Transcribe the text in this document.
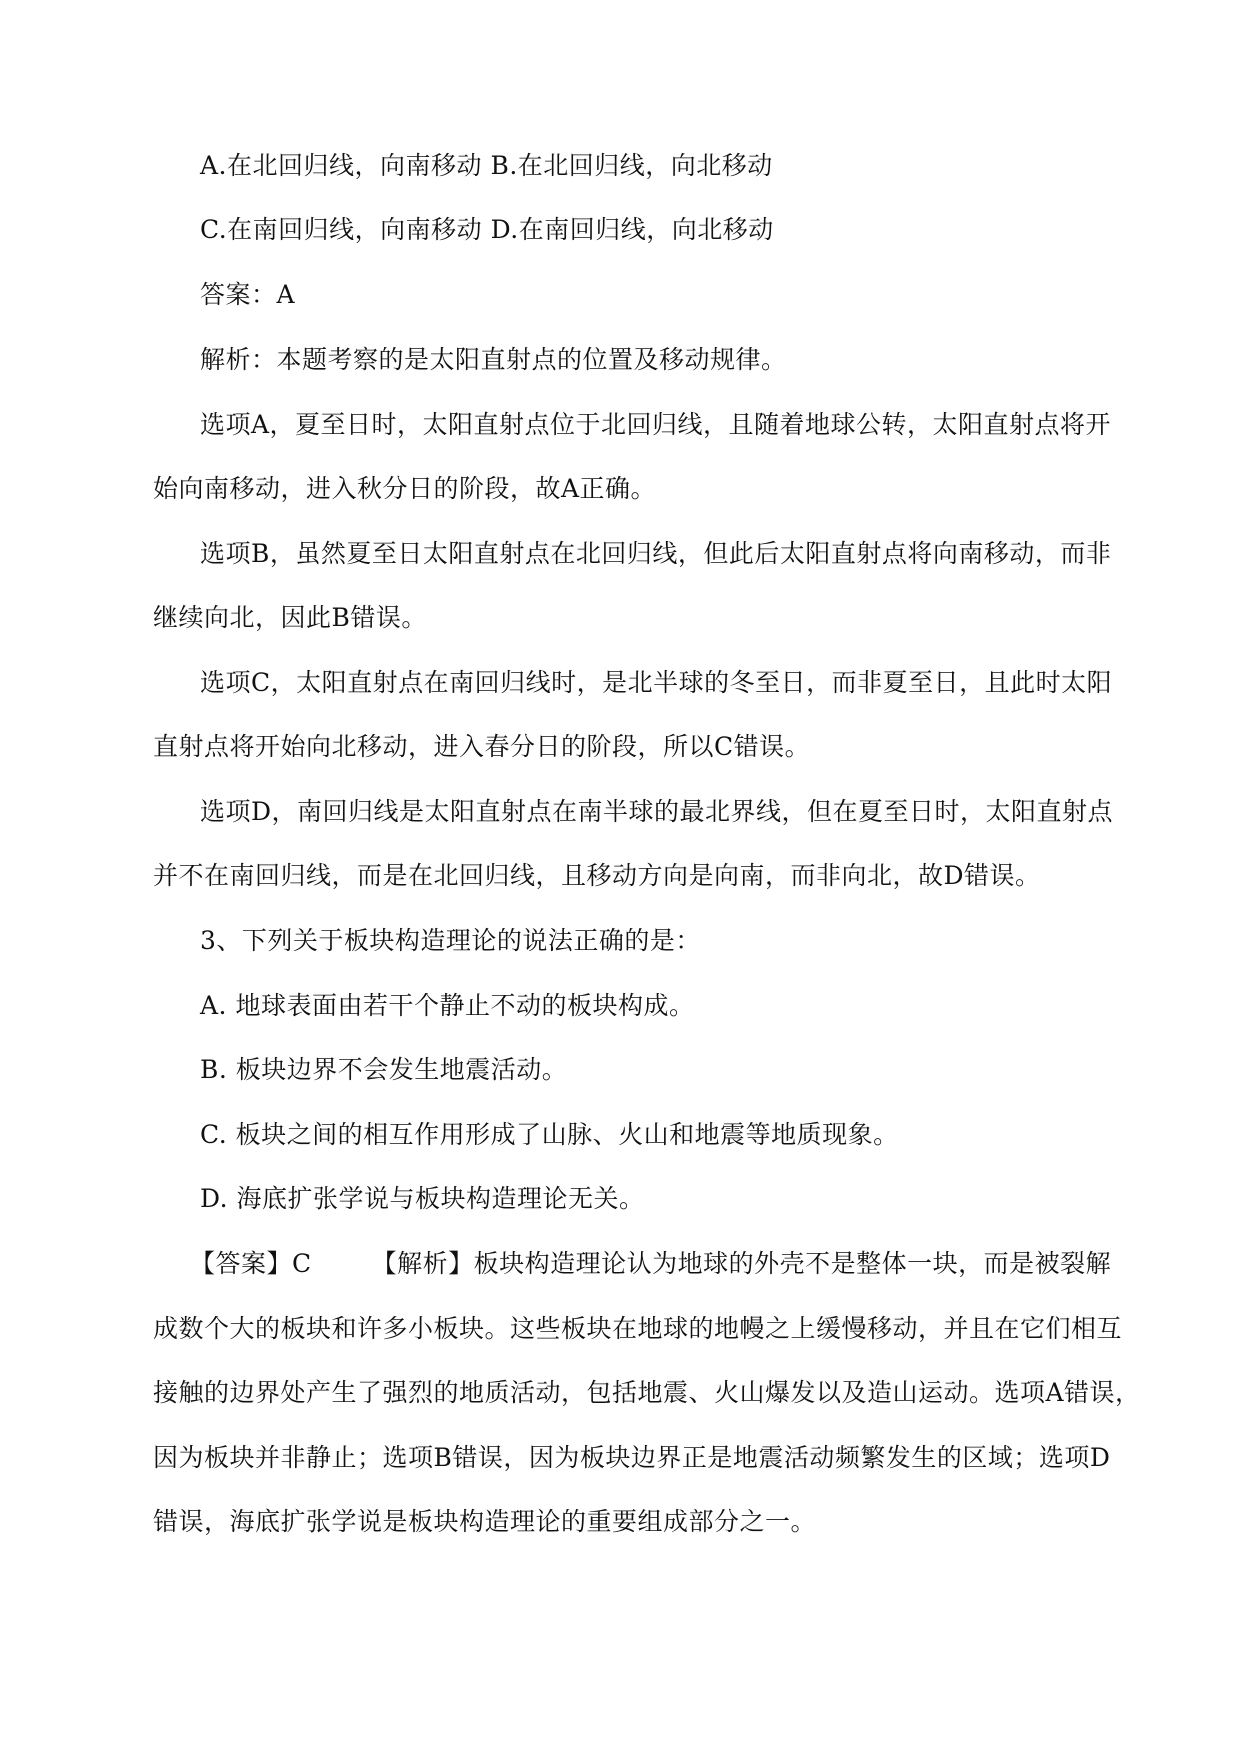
A.在北回归线，向南移动 B.在北回归线，向北移动
C.在南回归线，向南移动 D.在南回归线，向北移动
答案：A
解析：本题考察的是太阳直射点的位置及移动规律。
选项A，夏至日时，太阳直射点位于北回归线，且随着地球公转，太阳直射点将开
始向南移动，进入秋分日的阶段，故A正确。
选项B，虽然夏至日太阳直射点在北回归线，但此后太阳直射点将向南移动，而非
继续向北，因此B错误。
选项C，太阳直射点在南回归线时，是北半球的冬至日，而非夏至日，且此时太阳
直射点将开始向北移动，进入春分日的阶段，所以C错误。
选项D，南回归线是太阳直射点在南半球的最北界线，但在夏至日时，太阳直射点
并不在南回归线，而是在北回归线，且移动方向是向南，而非向北，故D错误。
3、下列关于板块构造理论的说法正确的是：
A. 地球表面由若干个静止不动的板块构成。
B. 板块边界不会发生地震活动。
C. 板块之间的相互作用形成了山脉、火山和地震等地质现象。
D. 海底扩张学说与板块构造理论无关。
【答案】C 【解析】板块构造理论认为地球的外壳不是整体一块，而是被裂解
成数个大的板块和许多小板块。这些板块在地球的地幔之上缓慢移动，并且在它们相互
接触的边界处产生了强烈的地质活动，包括地震、火山爆发以及造山运动。选项A错误，
因为板块并非静止；选项B错误，因为板块边界正是地震活动频繁发生的区域；选项D
错误，海底扩张学说是板块构造理论的重要组成部分之一。
